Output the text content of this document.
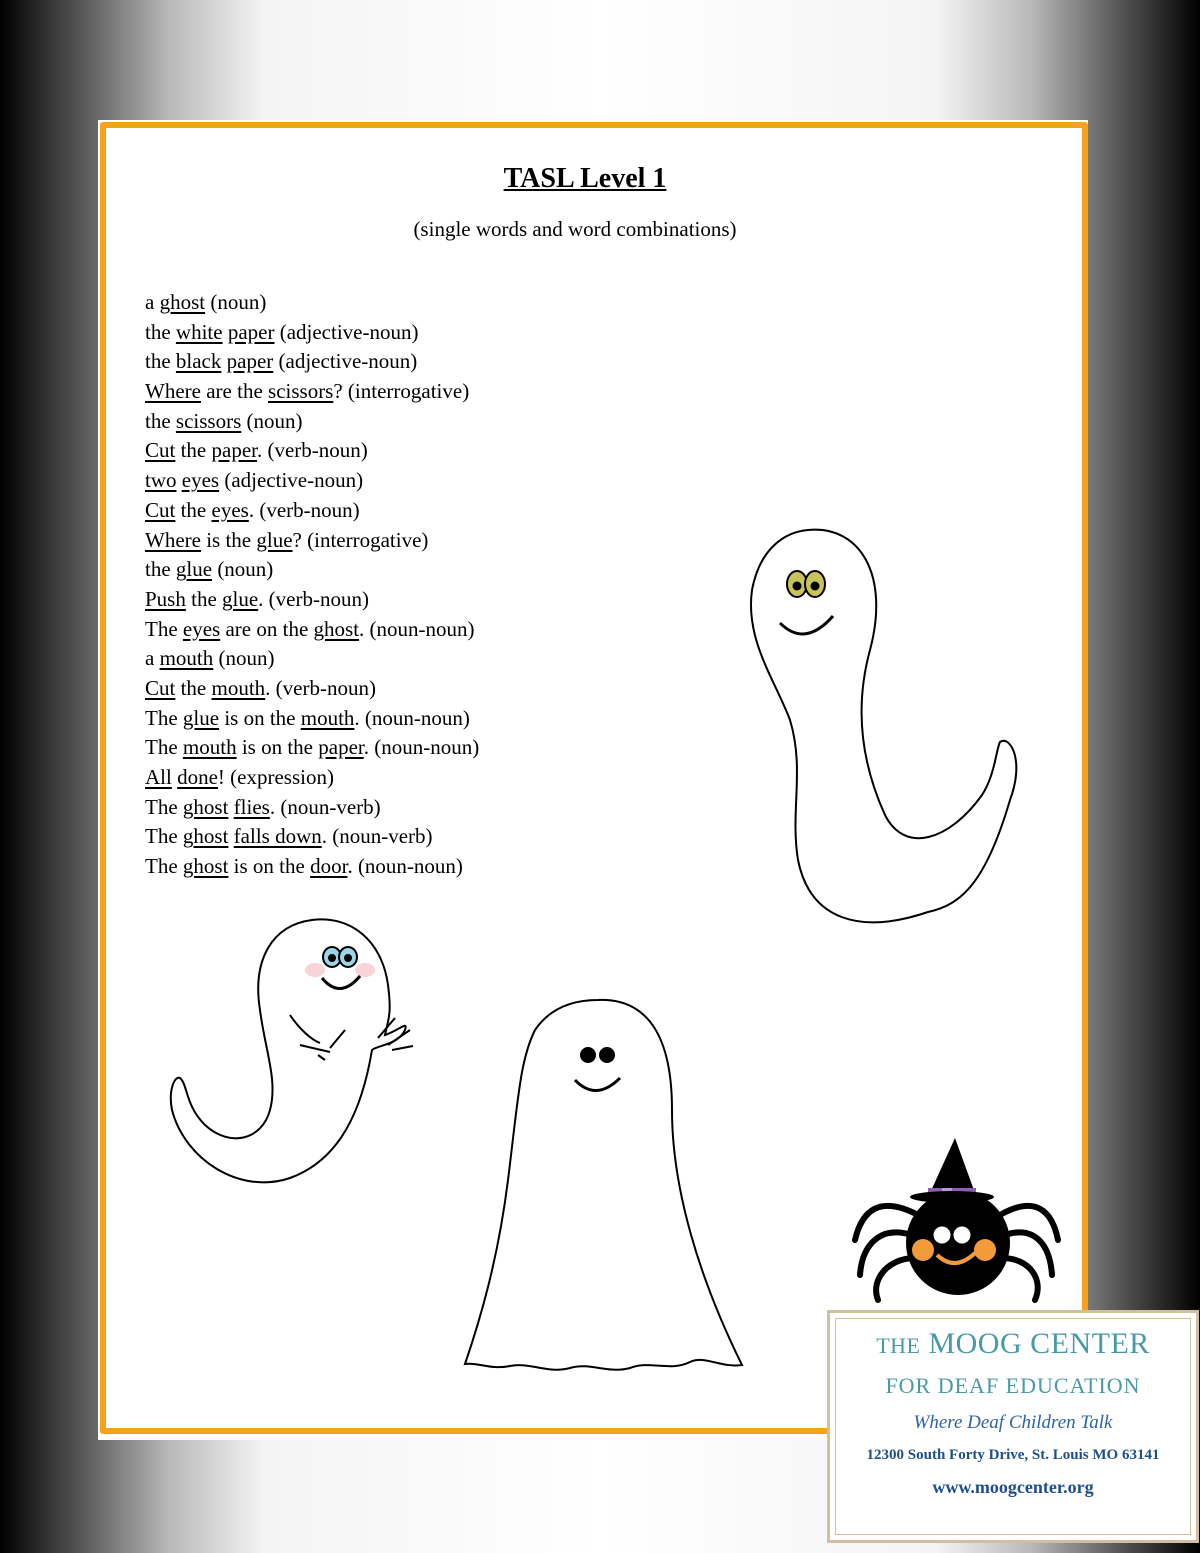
TASL Level 1
(single words and word combinations)
a ghost (noun)
the white paper (adjective-noun)
the black paper (adjective-noun)
Where are the scissors? (interrogative)
the scissors (noun)
Cut the paper. (verb-noun)
two eyes (adjective-noun)
Cut the eyes. (verb-noun)
Where is the glue? (interrogative)
the glue (noun)
Push the glue. (verb-noun)
The eyes are on the ghost. (noun-noun)
a mouth (noun)
Cut the mouth. (verb-noun)
The glue is on the mouth. (noun-noun)
The mouth is on the paper. (noun-noun)
All done! (expression)
The ghost flies. (noun-verb)
The ghost falls down. (noun-verb)
The ghost is on the door. (noun-noun)
THE MOOG CENTER
FOR DEAF EDUCATION
Where Deaf Children Talk
12300 South Forty Drive, St. Louis MO 63141
www.moogcenter.org
